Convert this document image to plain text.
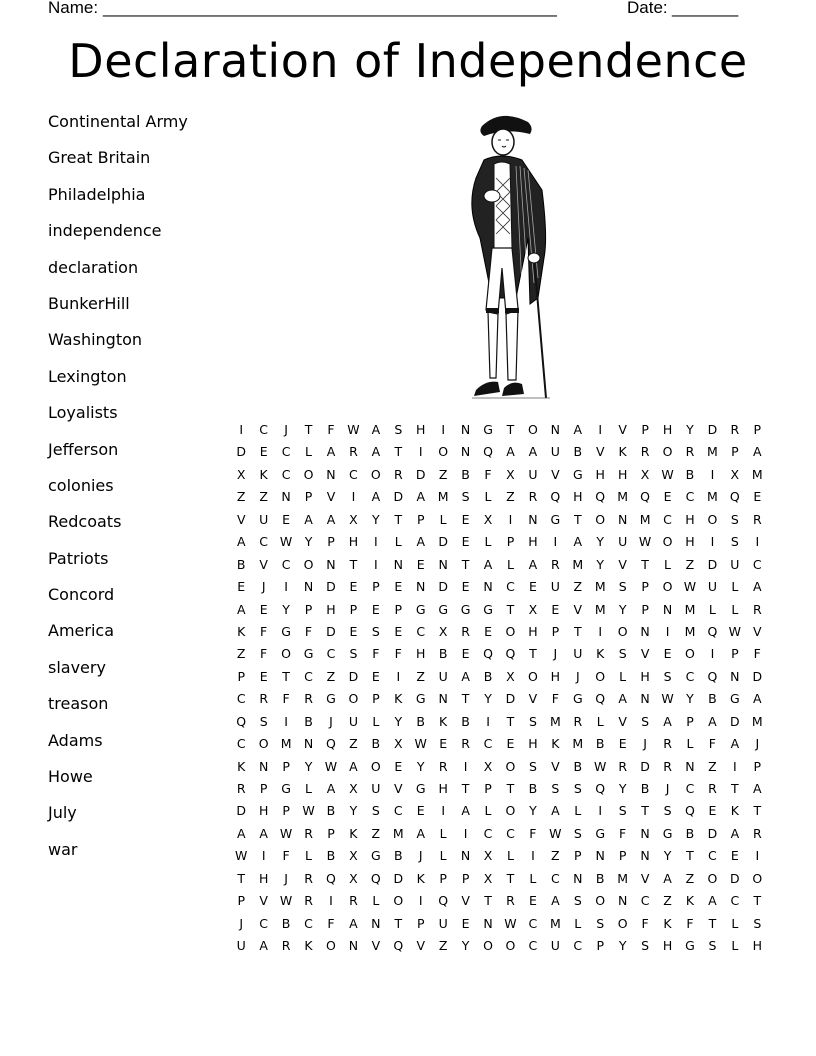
Name: ________________________________________________	Date: _______
Declaration of Independence
Continental Army
Great Britain
Philadelphia
independence
declaration
BunkerHill
Washington
Lexington
Loyalists
Jefferson
colonies
Redcoats
Patriots
Concord
America
slavery
treason
Adams
Howe
July
war
I	C	J	T	F	W A	S	H	I	N	G	T	O	N	A	I	V	P	H	Y	D	R	P
D	E	C	L	A	R	A	T	I	O	N	Q	A	A	U	B	V	K	R	O	R	M	P	A
X	K	C	O	N	C	O	R	D	Z	B	F	X	U	V	G	H	H	X W B	I	X	M
Z	Z	N	P	V	I	A	D	A	M	S	L	Z	R	Q	H	Q M Q	E	C	M Q	E
V	U	E	A	A	X	Y	T	P	L	E	X	I	N	G	T	O	N M	C	H	O	S	R
A	C W Y	P	H	I	L	A	D	E	L	P	H	I	A	Y	U W O	H	I	S	I
B	V	C	O	N	T	I	N	E	N	T	A	L	A	R	M	Y	V	T	L	Z	D	U	C
E	J	I	N	D	E	P	E	N	D	E	N	C	E	U	Z	M	S	P	O W U	L	A
A	E	Y	P	H	P	E	P	G	G	G	G	T	X	E	V	M	Y	P	N M	L	L	R
K	F	G	F	D	E	S	E	C	X	R	E	O	H	P	T	I	O	N	I	M Q W V
Z	F	O	G	C	S	F	F	H	B	E	Q	Q	T	J	U	K	S	V	E	O	I	P	F
P	E	T	C	Z	D	E	I	Z	U	A	B	X	O	H	J	O	L	H	S	C	Q	N	D
C	R	F	R	G	O	P	K	G	N	T	Y	D	V	F	G	Q	A	N W Y	B	G	A
Q	S	I	B	J	U	L	Y	B	K	B	I	T	S	M	R	L	V	S	A	P	A	D M
C	O M N	Q	Z	B	X W E	R	C	E	H	K	M	B	E	J	R	L	F	A	J
K	N	P	Y W A	O	E	Y	R	I	X	O	S	V	B W R	D	R	N	Z	I	P
R	P	G	L	A	X	U	V	G	H	T	P	T	B	S	S	Q	Y	B	J	C	R	T	A
D	H	P W B	Y	S	C	E	I	A	L	O	Y	A	L	I	S	T	S	Q	E	K	T
A	A W R	P	K	Z	M	A	L	I	C	C	F	W S	G	F	N	G	B	D	A	R
W	I	F	L	B	X	G	B	J	L	N	X	L	I	Z	P	N	P	N	Y	T	C	E	I
T	H	J	R	Q	X	Q	D	K	P	P	X	T	L	C	N	B	M	V	A	Z	O	D	O
P	V W R	I	R	L	O	I	Q	V	T	R	E	A	S	O	N	C	Z	K	A	C	T
J	C	B	C	F	A	N	T	P	U	E	N W C	M	L	S	O	F	K	F	T	L	S
U	A	R	K	O	N	V	Q	V	Z	Y	O	O	C	U	C	P	Y	S	H	G	S	L	H
